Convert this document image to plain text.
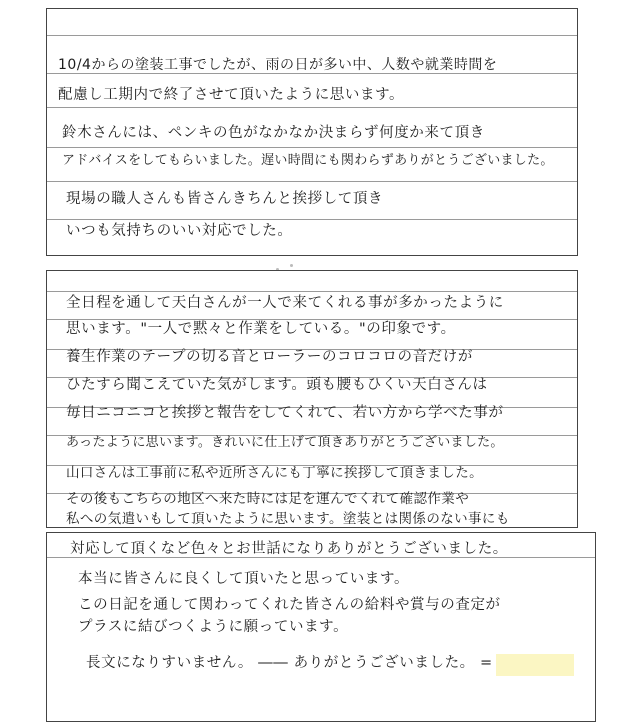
10/4からの塗装工事でしたが、雨の日が多い中、人数や就業時間を
配慮し工期内で終了させて頂いたように思います。
鈴木さんには、ペンキの色がなかなか決まらず何度か来て頂き
アドバイスをしてもらいました。遅い時間にも関わらずありがとうございました。
現場の職人さんも皆さんきちんと挨拶して頂き
いつも気持ちのいい対応でした。
全日程を通して天白さんが一人で来てくれる事が多かったように
思います。"一人で黙々と作業をしている。"の印象です。
養生作業のテープの切る音とローラーのコロコロの音だけが
ひたすら聞こえていた気がします。頭も腰もひくい天白さんは
毎日ニコニコと挨拶と報告をしてくれて、若い方から学べた事が
あったように思います。きれいに仕上げて頂きありがとうございました。
山口さんは工事前に私や近所さんにも丁寧に挨拶して頂きました。
その後もこちらの地区へ来た時には足を運んでくれて確認作業や
私への気遣いもして頂いたように思います。塗装とは関係のない事にも
対応して頂くなど色々とお世話になりありがとうございました。
本当に皆さんに良くして頂いたと思っています。
この日記を通して関わってくれた皆さんの給料や賞与の査定が
プラスに結びつくように願っています。
長文になりすいません。 ―― ありがとうございました。 =
